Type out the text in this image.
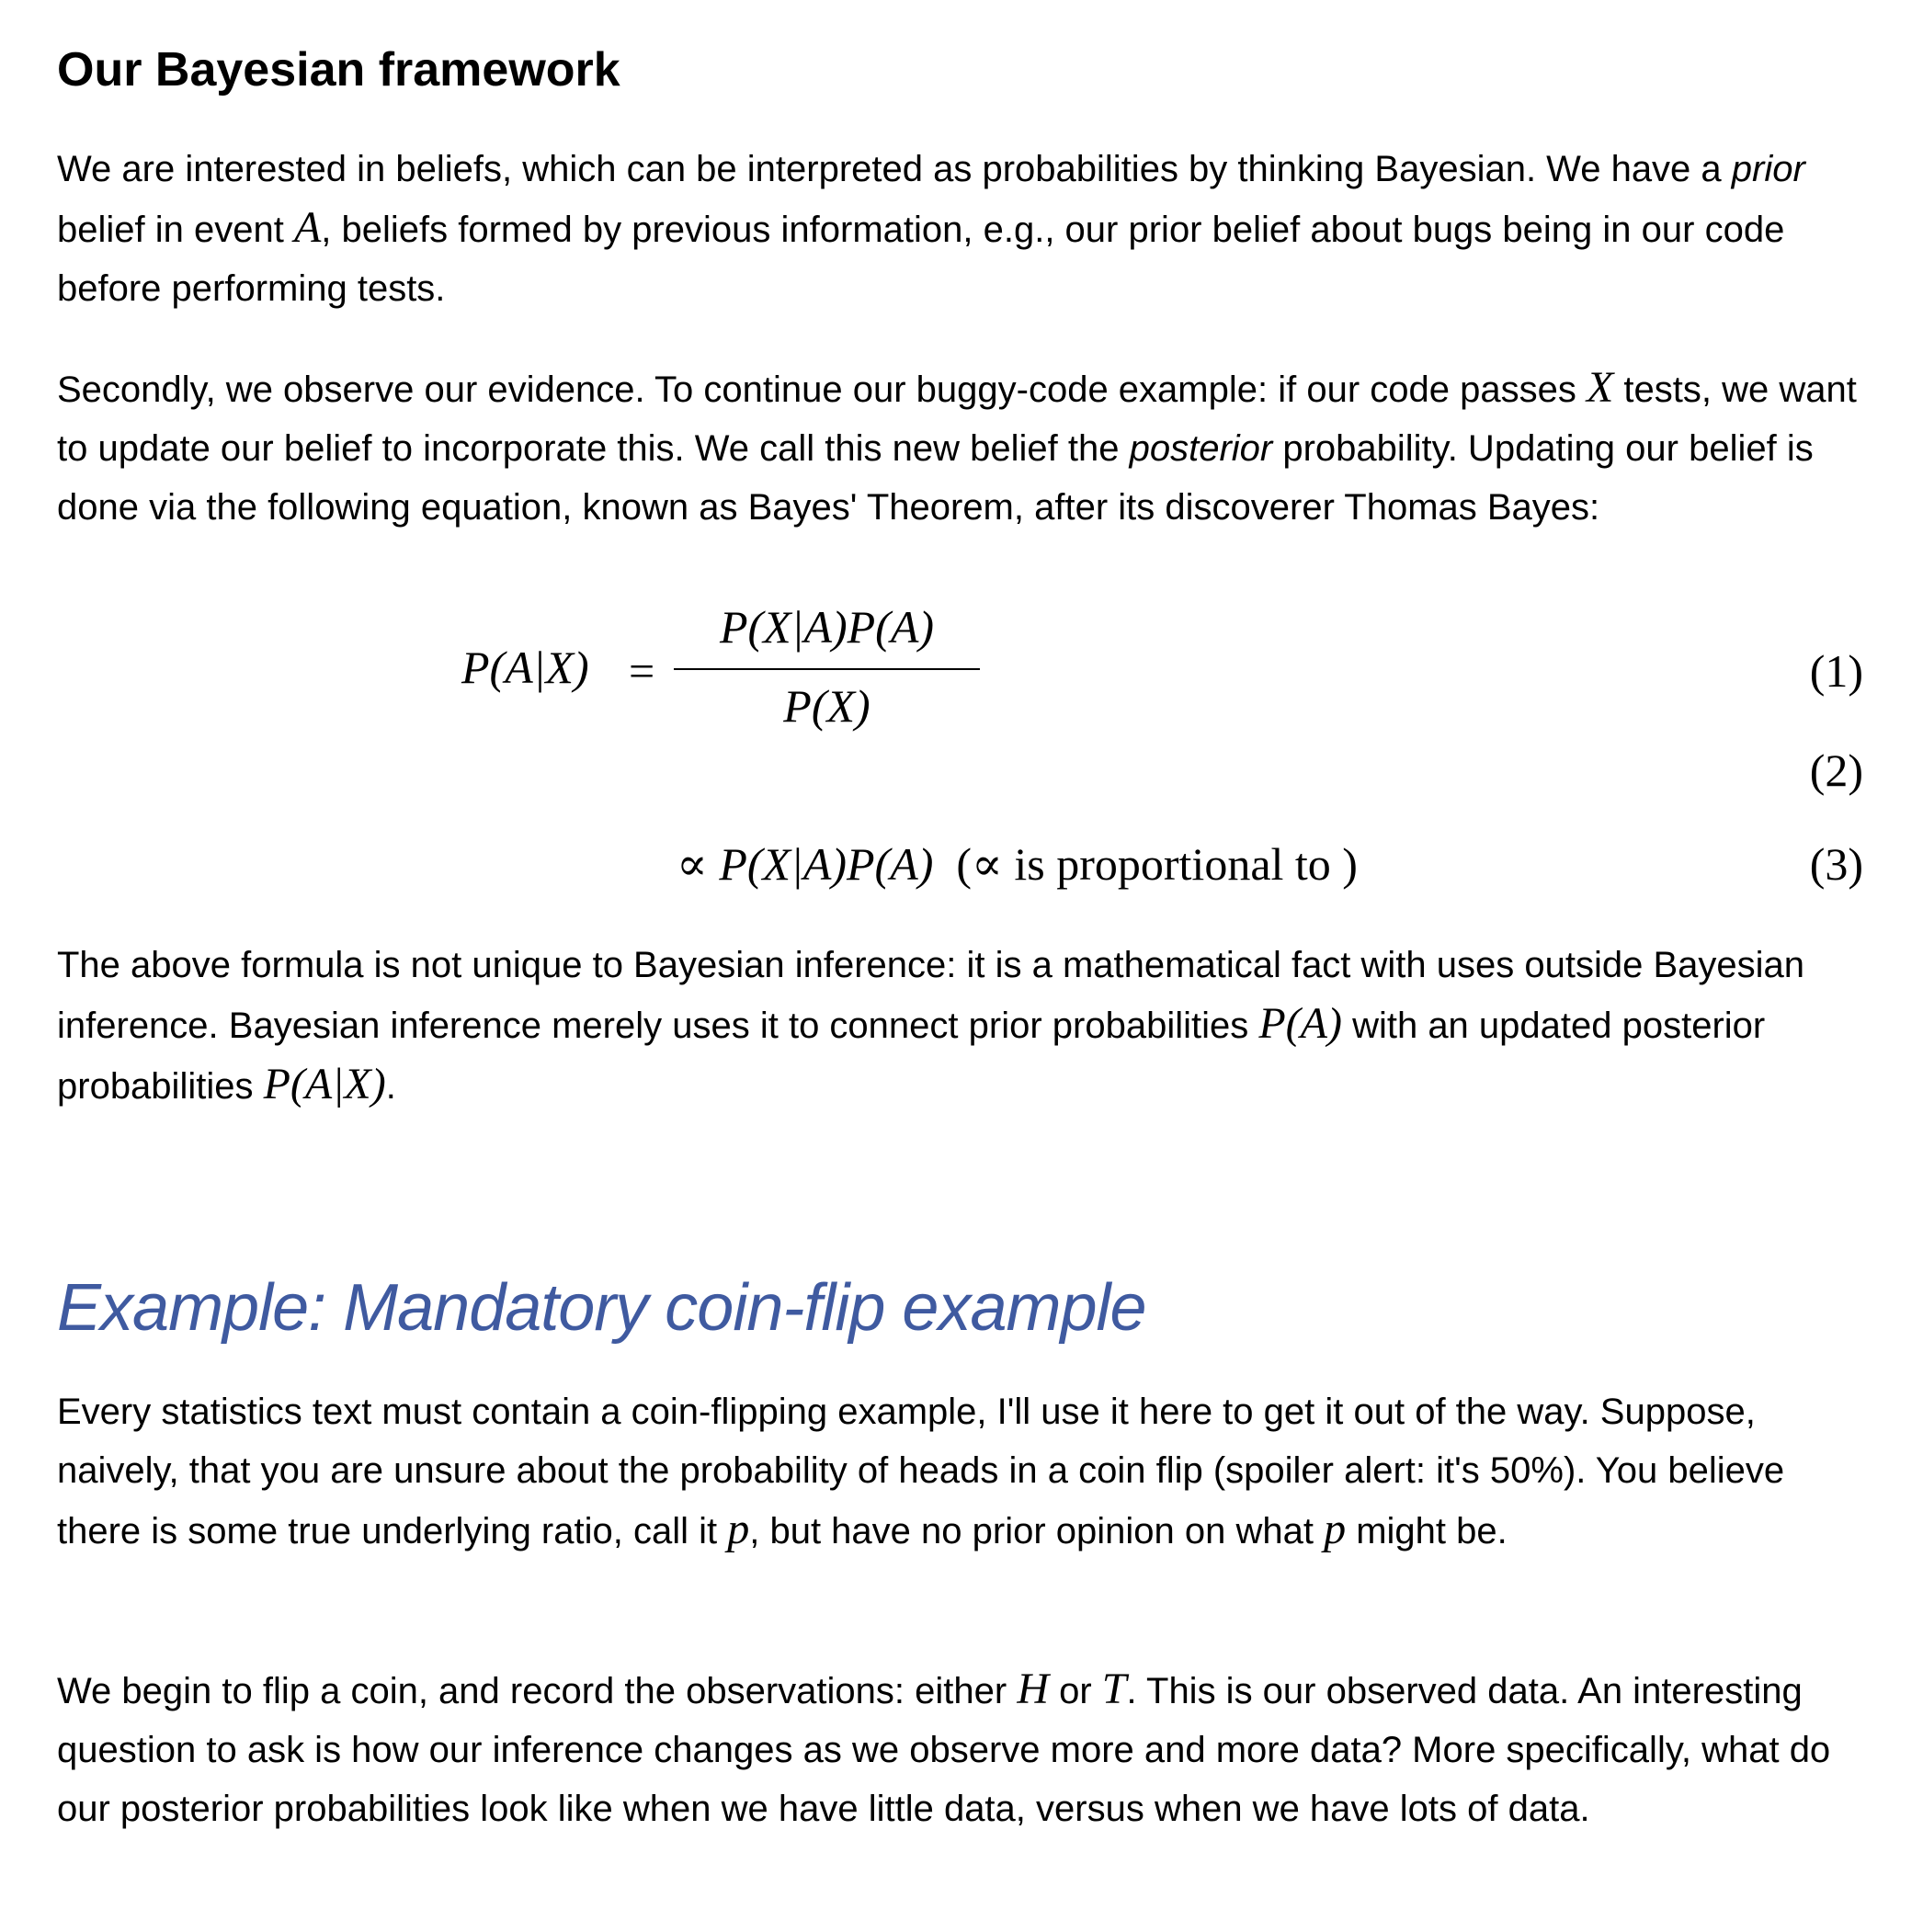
Our Bayesian framework

We are interested in beliefs, which can be interpreted as probabilities by thinking Bayesian. We have a prior belief in event A, beliefs formed by previous information, e.g., our prior belief about bugs being in our code before performing tests.

Secondly, we observe our evidence. To continue our buggy-code example: if our code passes X tests, we want to update our belief to incorporate this. We call this new belief the posterior probability. Updating our belief is done via the following equation, known as Bayes' Theorem, after its discoverer Thomas Bayes:

P(A|X) =
P(X|A)P(A)
P(X)
(1)
(2)
∝ P(X|A)P(A) (∝ is proportional to )	(3)

The above formula is not unique to Bayesian inference: it is a mathematical fact with uses outside Bayesian inference. Bayesian inference merely uses it to connect prior probabilities P(A) with an updated posterior probabilities P(A|X).

Example: Mandatory coin-flip example

Every statistics text must contain a coin-flipping example, I'll use it here to get it out of the way. Suppose, naively, that you are unsure about the probability of heads in a coin flip (spoiler alert: it's 50%). You believe there is some true underlying ratio, call it p, but have no prior opinion on what p might be.

We begin to flip a coin, and record the observations: either H or T. This is our observed data. An interesting question to ask is how our inference changes as we observe more and more data? More specifically, what do our posterior probabilities look like when we have little data, versus when we have lots of data.
